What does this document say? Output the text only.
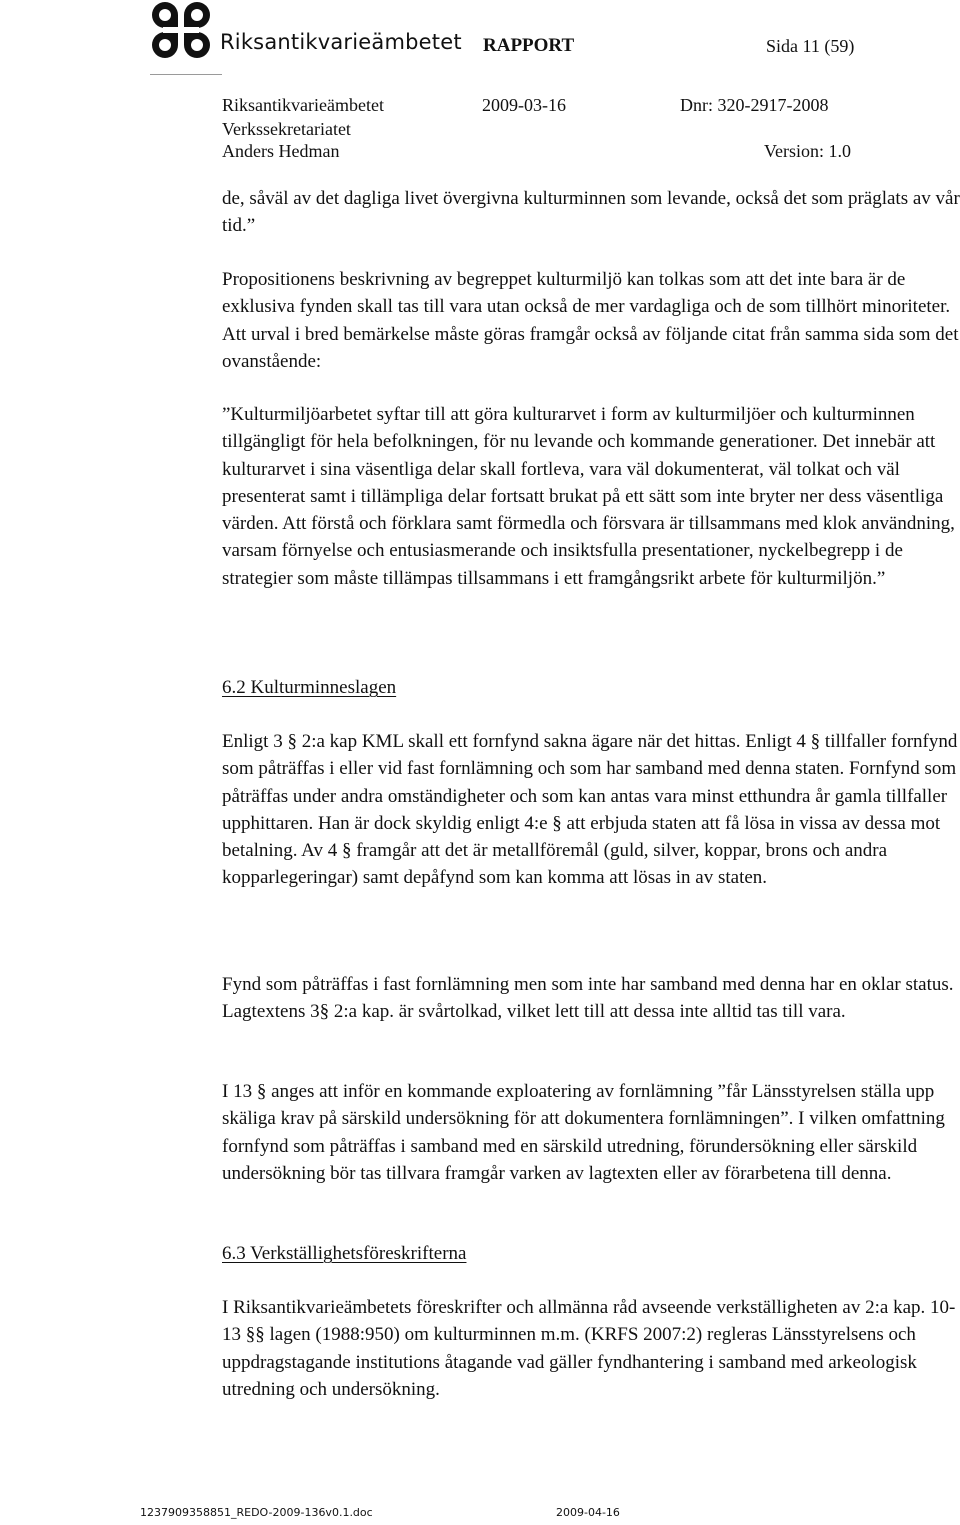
Riksantikvarieämbetet RAPPORT	Sida 11 (59)
Riksantikvarieämbetet	2009-03-16	Dnr: 320-2917-2008
Verkssekretariatet
Anders Hedman	Version: 1.0
de, såväl av det dagliga livet övergivna kulturminnen som levande, också det som präglats av vår tid.”
Propositionens beskrivning av begreppet kulturmiljö kan tolkas som att det inte bara är de exklusiva fynden skall tas till vara utan också de mer vardagliga och de som tillhört minoriteter. Att urval i bred bemärkelse måste göras framgår också av följande citat från samma sida som det ovanstående:
”Kulturmiljöarbetet syftar till att göra kulturarvet i form av kulturmiljöer och kulturminnen tillgängligt för hela befolkningen, för nu levande och kommande generationer. Det innebär att kulturarvet i sina väsentliga delar skall fortleva, vara väl dokumenterat, väl tolkat och väl presenterat samt i tillämpliga delar fortsatt brukat på ett sätt som inte bryter ner dess väsentliga värden. Att förstå och förklara samt förmedla och försvara är tillsammans med klok användning, varsam förnyelse och entusiasmerande och insiktsfulla presentationer, nyckelbegrepp i de strategier som måste tillämpas tillsammans i ett framgångsrikt arbete för kulturmiljön.”
6.2 Kulturminneslagen
Enligt 3 § 2:a kap KML skall ett fornfynd sakna ägare när det hittas. Enligt 4 § tillfaller fornfynd som påträffas i eller vid fast fornlämning och som har samband med denna staten. Fornfynd som påträffas under andra omständigheter och som kan antas vara minst etthundra år gamla tillfaller upphittaren. Han är dock skyldig enligt 4:e § att erbjuda staten att få lösa in vissa av dessa mot betalning. Av 4 § framgår att det är metallföremål (guld, silver, koppar, brons och andra kopparlegeringar) samt depåfynd som kan komma att lösas in av staten.
Fynd som påträffas i fast fornlämning men som inte har samband med denna har en oklar status. Lagtextens 3§ 2:a kap. är svårtolkad, vilket lett till att dessa inte alltid tas till vara.
I 13 § anges att inför en kommande exploatering av fornlämning ”får Länsstyrelsen ställa upp skäliga krav på särskild undersökning för att dokumentera fornlämningen”. I vilken omfattning fornfynd som påträffas i samband med en särskild utredning, förundersökning eller särskild undersökning bör tas tillvara framgår varken av lagtexten eller av förarbetena till denna.
6.3 Verkställighetsföreskrifterna
I Riksantikvarieämbetets föreskrifter och allmänna råd avseende verkställigheten av 2:a kap. 10-13 §§ lagen (1988:950) om kulturminnen m.m. (KRFS 2007:2) regleras Länsstyrelsens och uppdragstagande institutions åtagande vad gäller fyndhantering i samband med arkeologisk utredning och undersökning.
1237909358851_REDO-2009-136v0.1.doc	2009-04-16
